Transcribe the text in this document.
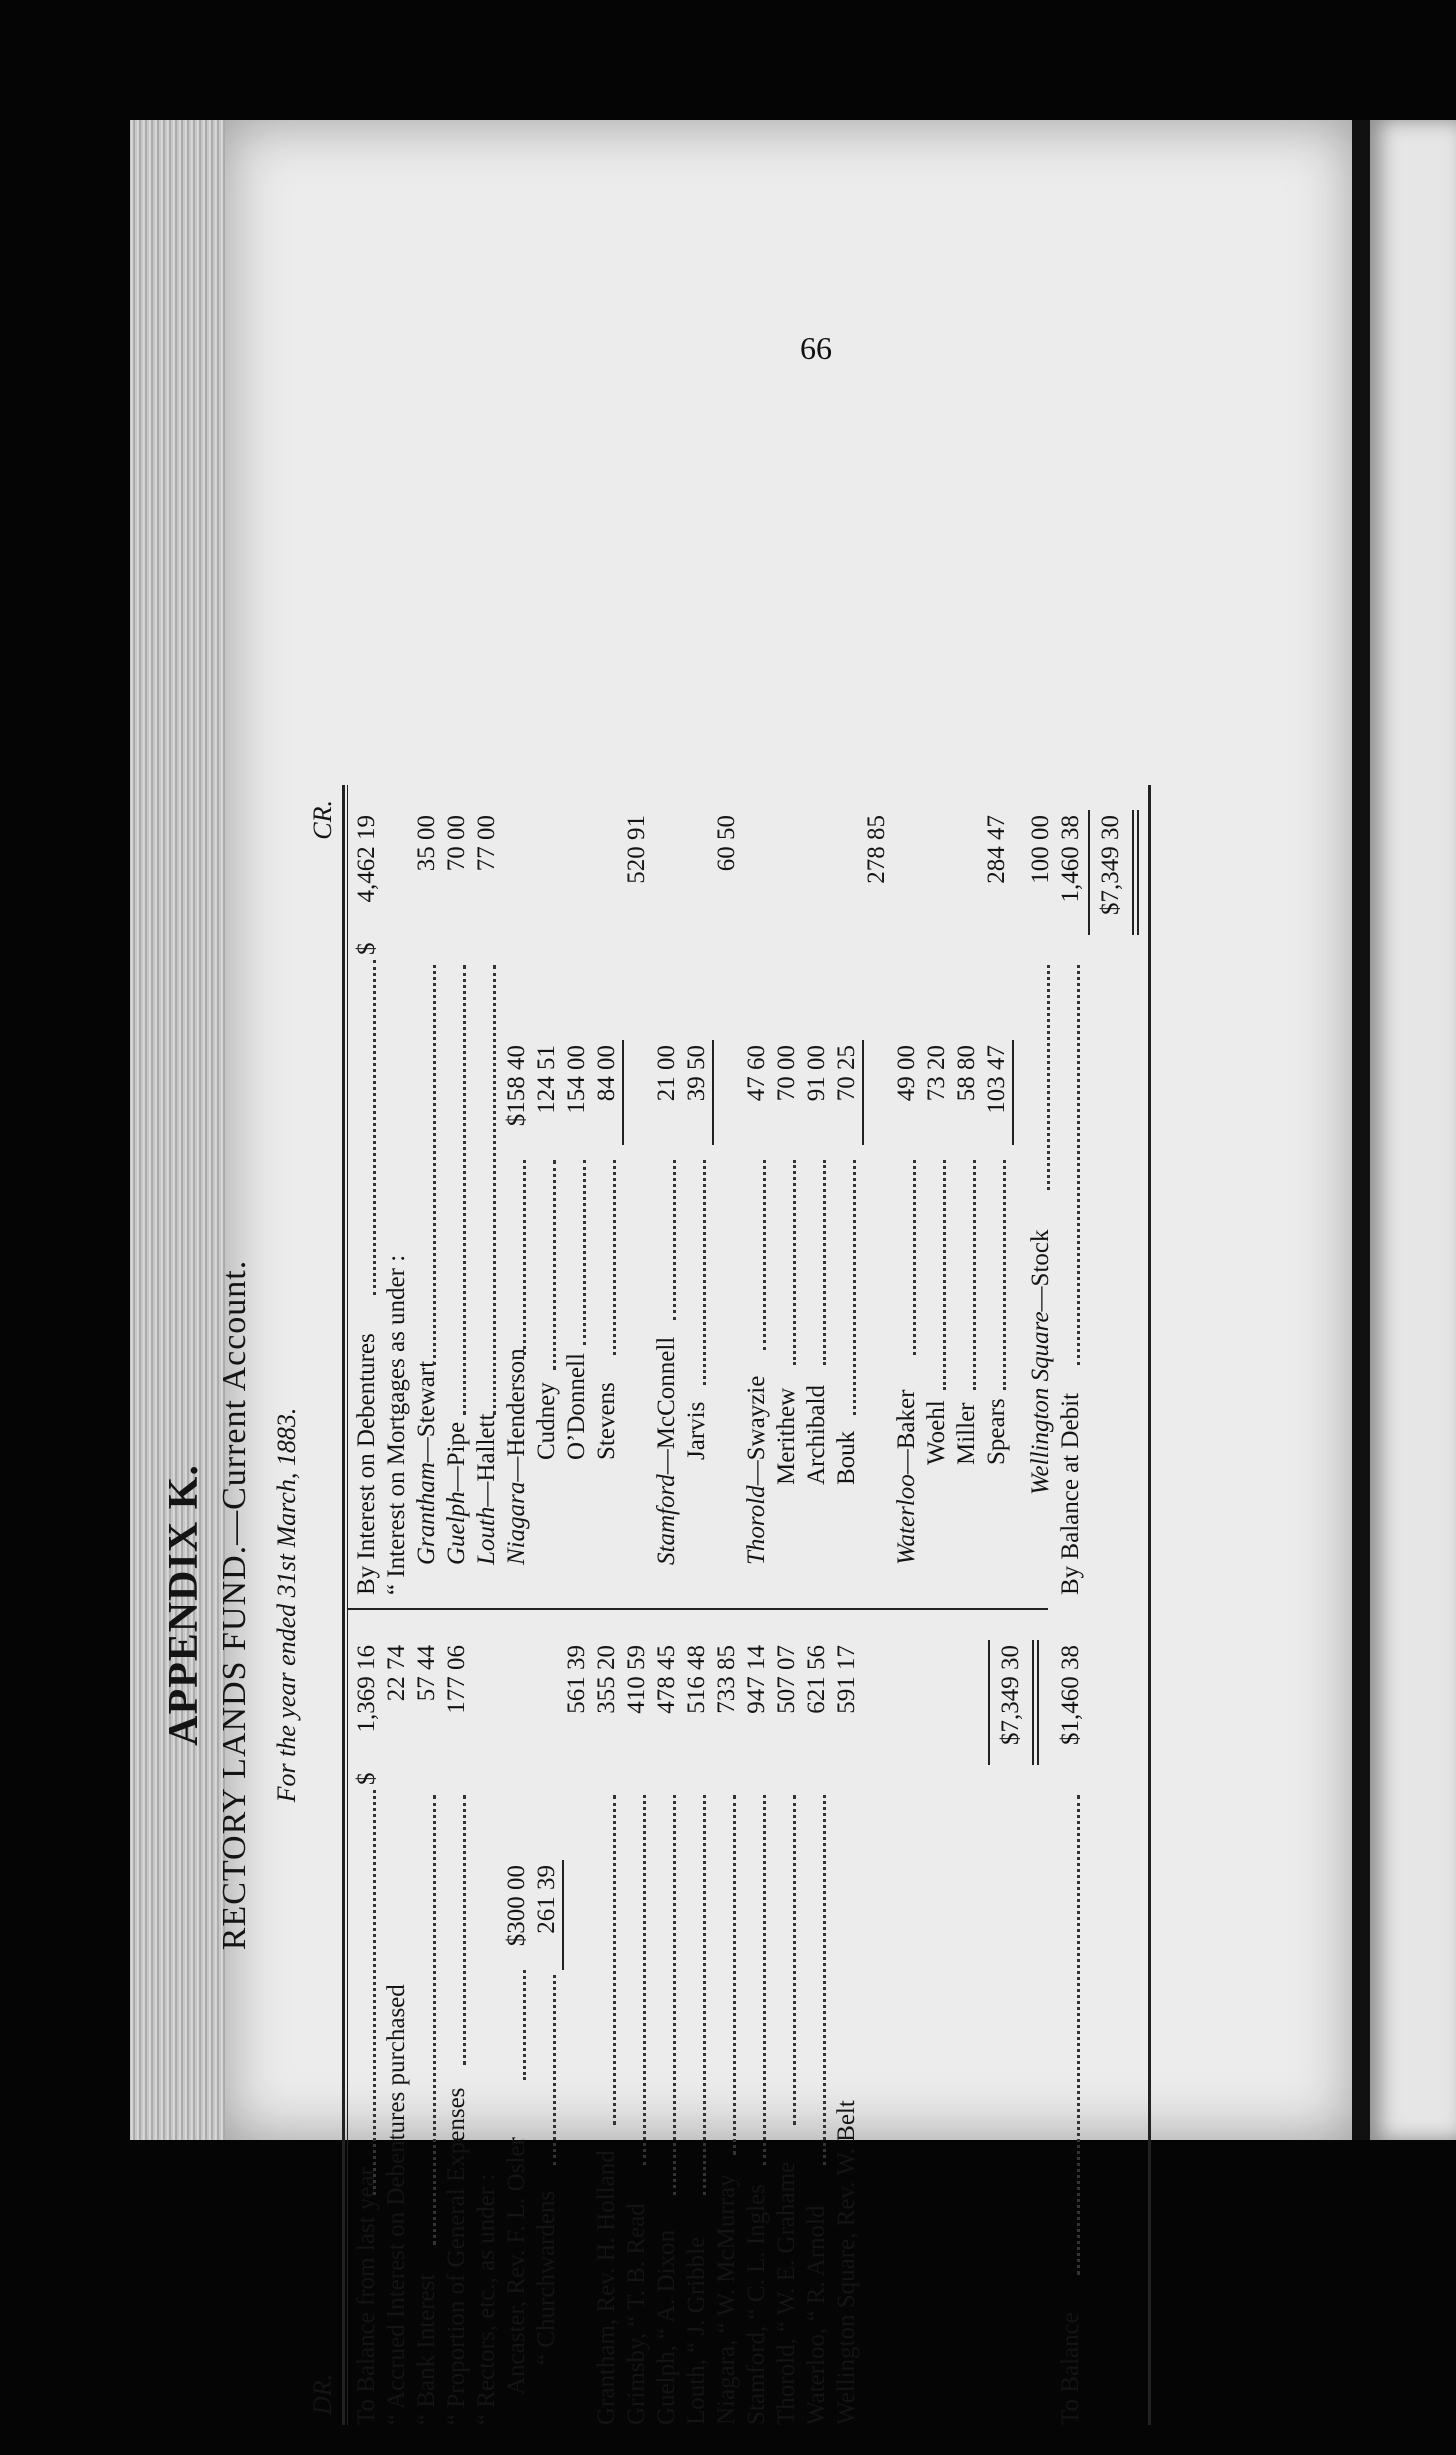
66
APPENDIX K. RECTORY LANDS FUND.—Current Account. For the year ended 31st March, 1883.
DR.
CR.
To Balance from last year
$
1,369 16
“ Accrued Interest on Debentures purchased
22 74
“ Bank Interest
57 44
“ Proportion of General Expenses
177 06
“ Rectors, etc., as under : Ancaster, Rev. F. L. Osler
$300 00
“ Churchwardens
261 39
561 39
Grantham, Rev. H. Holland
355 20
Grimsby, “ T. B. Read
410 59
Guelph, “ A. Dixon
478 45
Louth, “ J. Gribble
516 48
Niagara, “ W. McMurray
733 85
Stamford, “ C. L. Ingles
947 14
Thorold, “ W. E. Grahame
507 07
Waterloo, “ R. Arnold
621 56
Wellington Square, Rev. W. Belt
591 17	$7,349 30
To Balance
$1,460 38
By Interest on Debentures
$
4,462 19
“ Interest on Mortgages as under : Grantham—Stewart
35 00
Guelph—Pipe
70 00
Louth—Hallett
77 00
Niagara—Henderson
$158 40
Cudney
124 51
O’Donnell
154 00
Stevens
84 00
520 91
Stamford—McConnell
21 00
Jarvis
39 50
60 50
Thorold—Swayzie
47 60
Merithew
70 00
Archibald
91 00
Bouk
70 25
278 85
Waterloo—Baker
49 00
Woehl
73 20
Miller
58 80
Spears
103 47
284 47
Wellington Square—Stock
100 00
By Balance at Debit
1,460 38 $7,349 30
